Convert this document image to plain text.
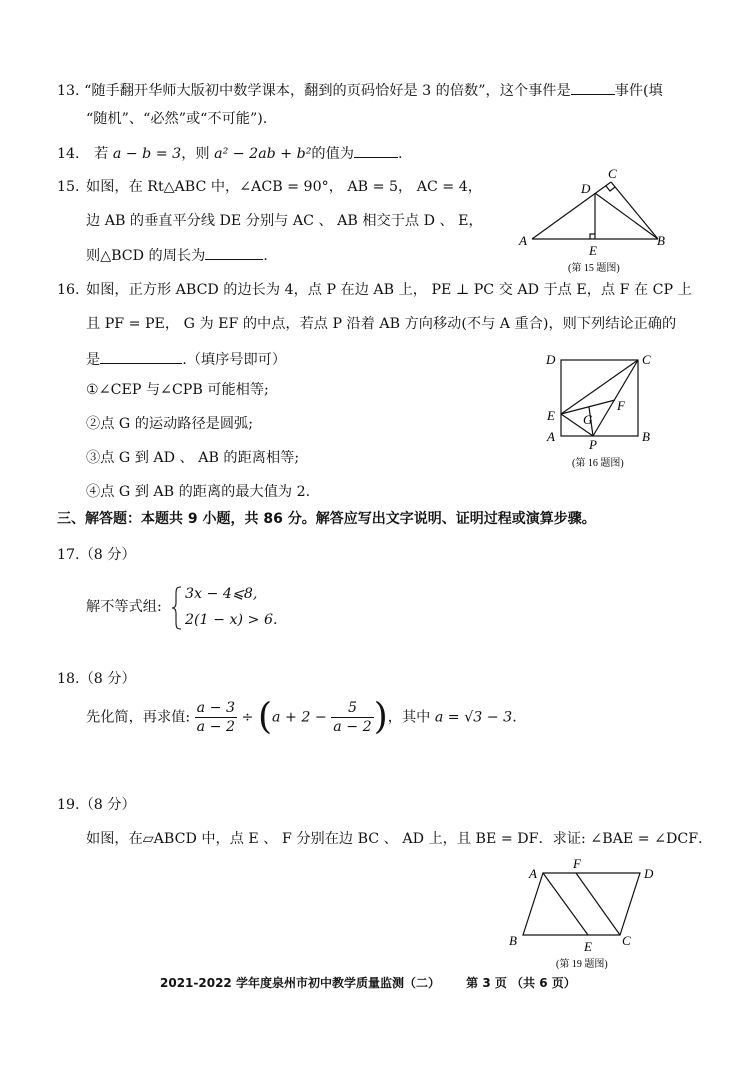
13. “随手翻开华师大版初中数学课本，翻到的页码恰好是 3 的倍数”，这个事件是	事件(填
“随机”、“必然”或“不可能”).
14. 若 a − b = 3，则 a² − 2ab + b²的值为	.
15. 如图，在 Rt△ABC 中，∠ACB = 90°， AB = 5， AC = 4，
边 AB 的垂直平分线 DE 分别与 AC 、 AB 相交于点 D 、 E，
则△BCD 的周长为	.
C
D
A
E
B
(第 15 题图)
16. 如图，正方形 ABCD 的边长为 4，点 P 在边 AB 上， PE ⊥ PC 交 AD 于点 E，点 F 在 CP 上
且 PF = PE， G 为 EF 的中点，若点 P 沿着 AB 方向移动(不与 A 重合)，则下列结论正确的
是	.（填序号即可）
①∠CEP 与∠CPB 可能相等;
②点 G 的运动路径是圆弧;
③点 G 到 AD 、 AB 的距离相等;
④点 G 到 AB 的距离的最大值为 2.
D	C
E G
F
A
P
B
(第 16 题图)
三、解答题：本题共 9 小题，共 86 分。解答应写出文字说明、证明过程或演算步骤。
17.（8 分）
解不等式组:
3x − 4⩽8,
2(1 − x) > 6.
18.（8 分）
先化简，再求值: $\frac{a - 3}{a - 2} \div (a + 2 - \frac{5}{a - 2}$ )，其中 a = √3 − 3.
19.（8 分）
如图，在▱ABCD 中，点 E 、 F 分别在边 BC 、 AD 上，且 BE = DF．求证: ∠BAE = ∠DCF．
A
F
D
B	E C
(第 19 题图)
2021-2022 学年度泉州市初中教学质量监测（二） 第 3 页 （共 6 页）
